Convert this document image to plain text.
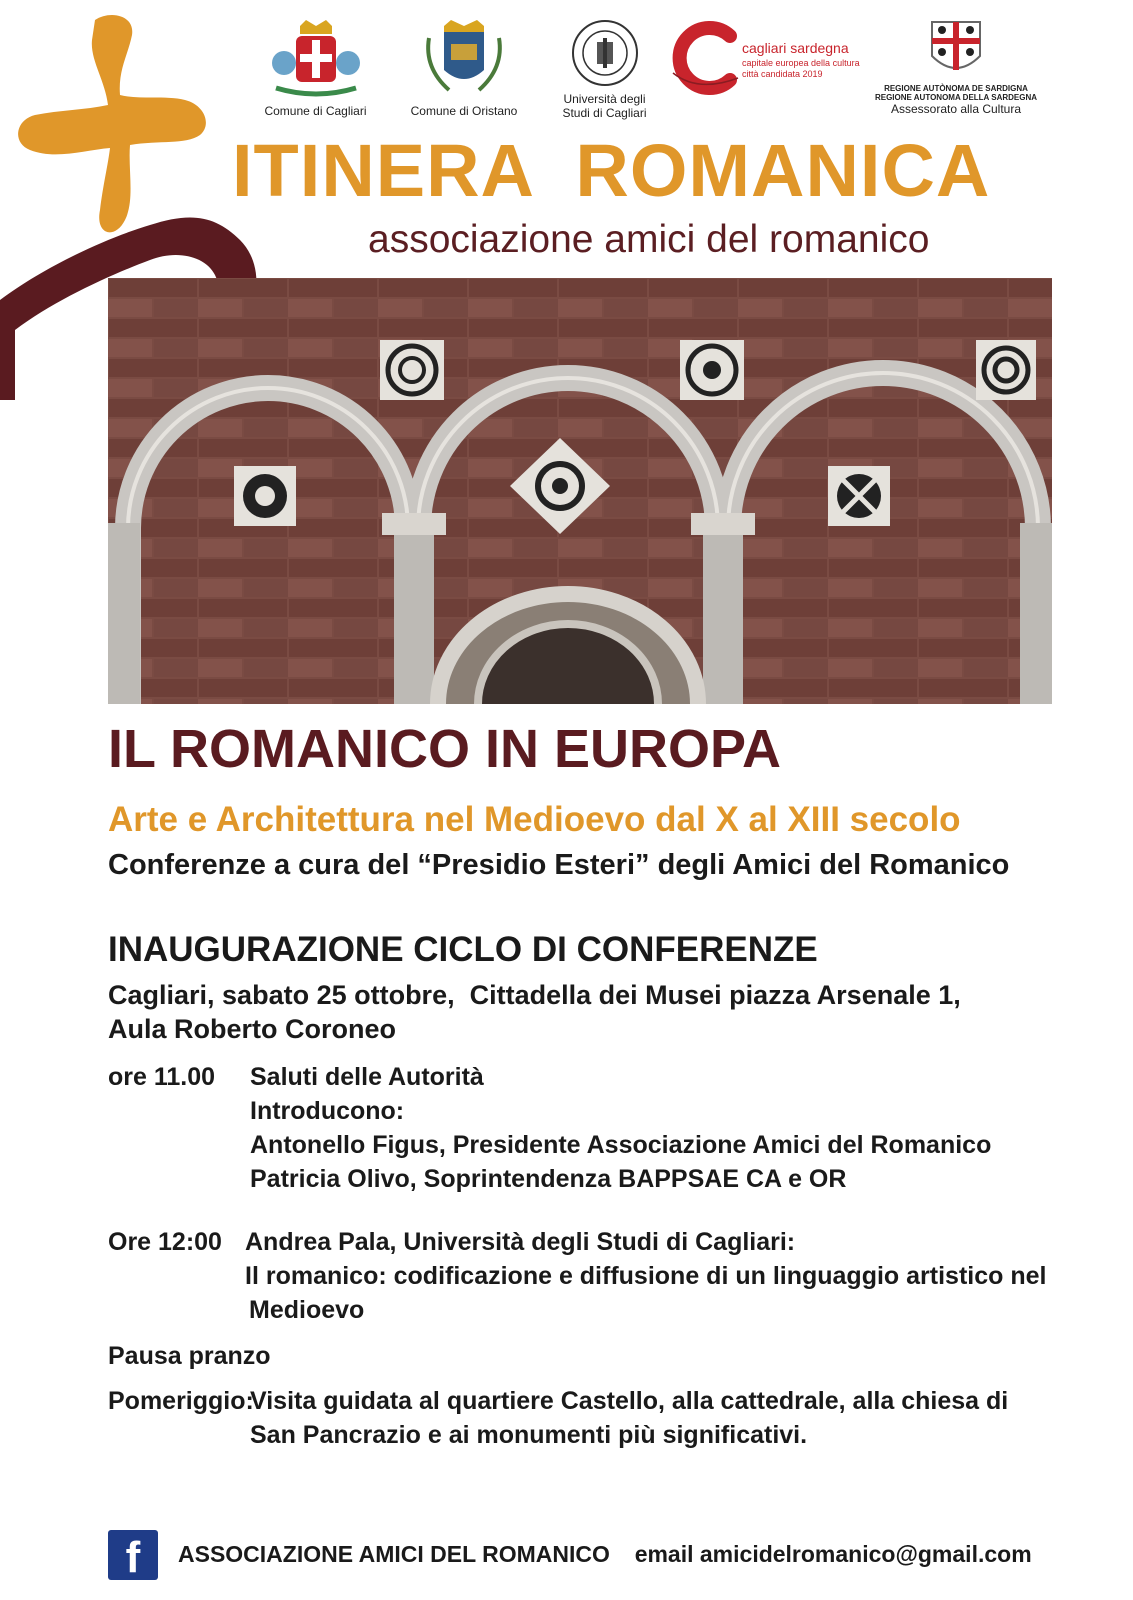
Comune di Cagliari	Comune di Oristano
Università degli
Studi di Cagliari
cagliari sardegna
capitale europea della cultura
città candidata 2019
REGIONE AUTÒNOMA DE SARDIGNA
REGIONE AUTONOMA DELLA SARDEGNA
Assessorato alla Cultura
ITINERA  ROMANICA
associazione amici del romanico
IL ROMANICO IN EUROPA
Arte e Architettura nel Medioevo dal X al XIII secolo
Conferenze a cura del “Presidio Esteri” degli Amici del Romanico
INAUGURAZIONE CICLO DI CONFERENZE
Cagliari, sabato 25 ottobre,  Cittadella dei Musei piazza Arsenale 1,
Aula Roberto Coroneo
ore 11.00 Saluti delle Autorità
Introducono:
Antonello Figus, Presidente Associazione Amici del Romanico
Patricia Olivo, Soprintendenza BAPPSAE CA e OR
Ore 12:00 Andrea Pala, Università degli Studi di Cagliari:
Il romanico: codificazione e diffusione di un linguaggio artistico nel
Medioevo
Pausa pranzo
Pomeriggio:
Visita guidata al quartiere Castello, alla cattedrale, alla chiesa di
San Pancrazio e ai monumenti più significativi.
f	ASSOCIAZIONE AMICI DEL ROMANICO email amicidelromanico@gmail.com
